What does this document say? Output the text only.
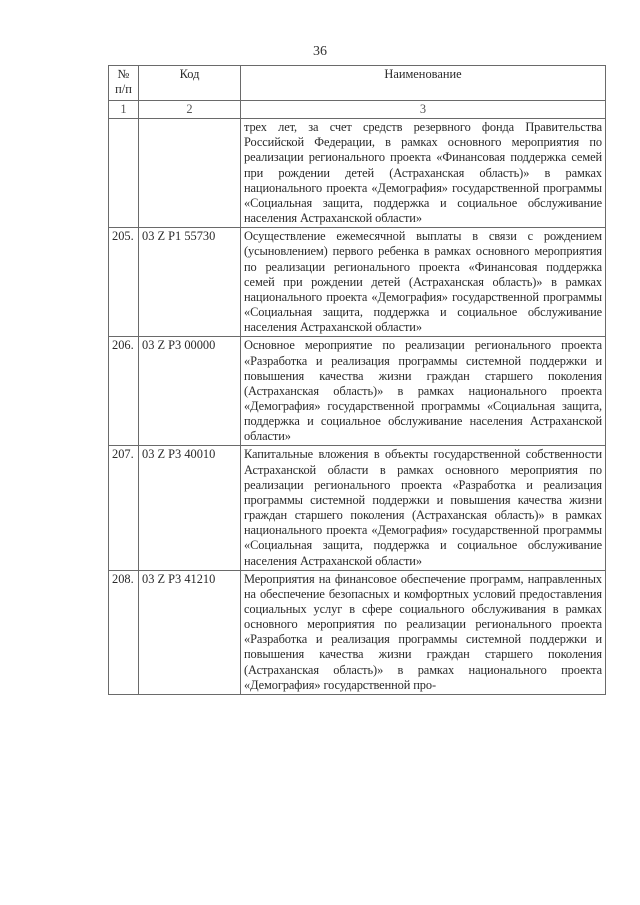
36
№ п/п	Код	Наименование
1	2	3
		трех лет, за счет средств резервного фонда Правительства Российской Федерации, в рамках основного мероприятия по реализации регионального проекта «Финансовая поддержка семей при рождении детей (Астраханская область)» в рамках национального проекта «Демография» государственной программы «Социальная защита, поддержка и социальное обслуживание населения Астраханской области»
205.	03 Z P1 55730	Осуществление ежемесячной выплаты в связи с рождением (усыновлением) первого ребенка в рамках основного мероприятия по реализации регионального проекта «Финансовая поддержка семей при рождении детей (Астраханская область)» в рамках национального проекта «Демография» государственной программы «Социальная защита, поддержка и социальное обслуживание населения Астраханской области»
206.	03 Z P3 00000	Основное мероприятие по реализации регионального проекта «Разработка и реализация программы системной поддержки и повышения качества жизни граждан старшего поколения (Астраханская область)» в рамках национального проекта «Демография» государственной программы «Социальная защита, поддержка и социальное обслуживание населения Астраханской области»
207.	03 Z P3 40010	Капитальные вложения в объекты государственной собственности Астраханской области в рамках основного мероприятия по реализации регионального проекта «Разработка и реализация программы системной поддержки и повышения качества жизни граждан старшего поколения (Астраханская область)» в рамках национального проекта «Демография» государственной программы «Социальная защита, поддержка и социальное обслуживание населения Астраханской области»
208.	03 Z P3 41210	Мероприятия на финансовое обеспечение программ, направленных на обеспечение безопасных и комфортных условий предоставления социальных услуг в сфере социального обслуживания в рамках основного мероприятия по реализации регионального проекта «Разработка и реализация программы системной поддержки и повышения качества жизни граждан старшего поколения (Астраханская область)» в рамках национального проекта «Демография» государственной про-
